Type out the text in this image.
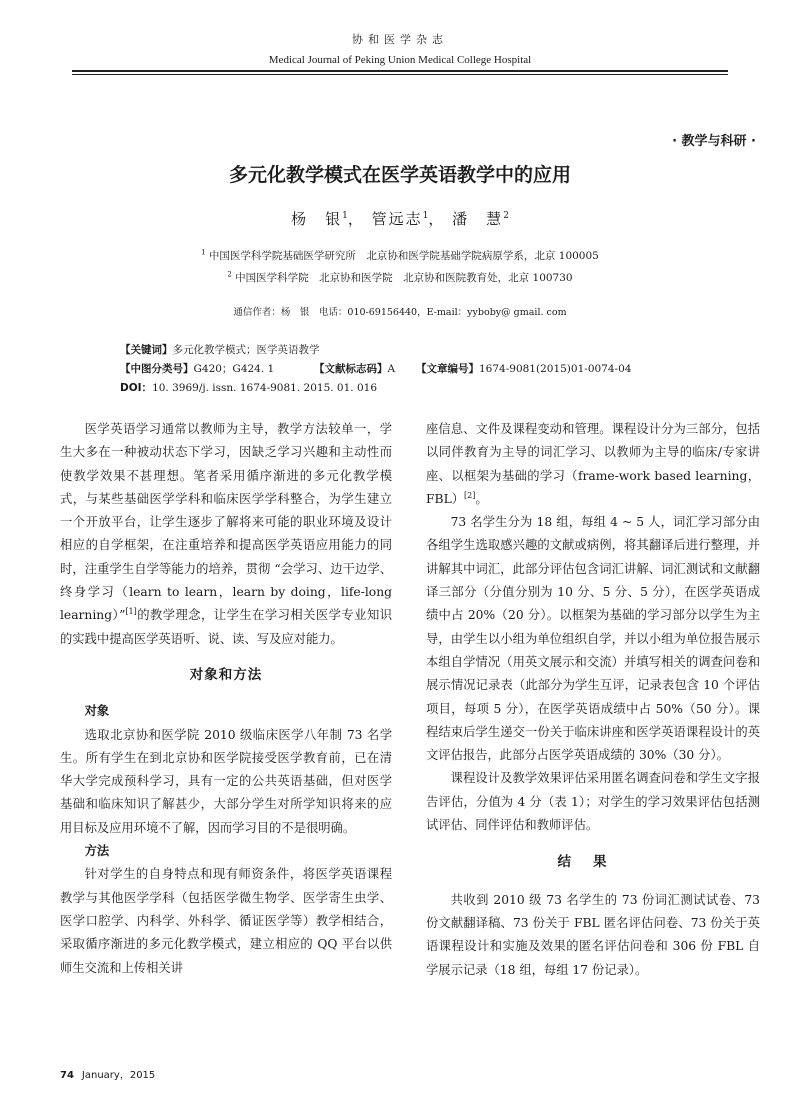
协和医学杂志
Medical Journal of Peking Union Medical College Hospital
· 教学与科研 ·
多元化教学模式在医学英语教学中的应用
杨　银$^1$， 管远志$^1$， 潘　慧$^2$
$^1$ 中国医学科学院基础医学研究所　北京协和医学院基础学院病原学系，北京 100005
$^2$ 中国医学科学院　北京协和医学院　北京协和医院教育处，北京 100730
通信作者：杨　银　电话：010-69156440，E-mail：yyboby@ gmail. com
【关键词】多元化教学模式；医学英语教学
【中图分类号】G420；G424. 1	【文献标志码】A 【文章编号】1674-9081(2015)01-0074-04
DOI：10. 3969/j. issn. 1674-9081. 2015. 01. 016

医学英语学习通常以教师为主导，教学方法较单一，学生大多在一种被动状态下学习，因缺乏学习兴趣和主动性而使教学效果不甚理想。笔者采用循序渐进的多元化教学模式，与某些基础医学学科和临床医学学科整合，为学生建立一个开放平台，让学生逐步了解将来可能的职业环境及设计相应的自学框架，在注重培养和提高医学英语应用能力的同时，注重学生自学等能力的培养，贯彻 “会学习、边干边学、终身学习（learn to learn，learn by doing，life-long learning）”[1]的教学理念，让学生在学习相关医学专业知识的实践中提高医学英语听、说、读、写及应对能力。

对象和方法
对象

选取北京协和医学院 2010 级临床医学八年制 73 名学生。所有学生在到北京协和医学院接受医学教育前，已在清华大学完成预科学习，具有一定的公共英语基础，但对医学基础和临床知识了解甚少，大部分学生对所学知识将来的应用目标及应用环境不了解，因而学习目的不是很明确。

方法

针对学生的自身特点和现有师资条件，将医学英语课程教学与其他医学学科（包括医学微生物学、医学寄生虫学、医学口腔学、内科学、外科学、循证医学等）教学相结合，采取循序渐进的多元化教学模式，建立相应的 QQ 平台以供师生交流和上传相关讲

座信息、文件及课程变动和管理。课程设计分为三部分，包括以同伴教育为主导的词汇学习、以教师为主导的临床/专家讲座、以框架为基础的学习（frame-work based learning，FBL）[2]。

73 名学生分为 18 组，每组 4 ~ 5 人，词汇学习部分由各组学生选取感兴趣的文献或病例，将其翻译后进行整理，并讲解其中词汇，此部分评估包含词汇讲解、词汇测试和文献翻译三部分（分值分别为 10 分、5 分、5 分），在医学英语成绩中占 20%（20 分）。以框架为基础的学习部分以学生为主导，由学生以小组为单位组织自学，并以小组为单位报告展示本组自学情况（用英文展示和交流）并填写相关的调查问卷和展示情况记录表（此部分为学生互评，记录表包含 10 个评估项目，每项 5 分），在医学英语成绩中占 50%（50 分）。课程结束后学生递交一份关于临床讲座和医学英语课程设计的英文评估报告，此部分占医学英语成绩的 30%（30 分）。

课程设计及教学效果评估采用匿名调查问卷和学生文字报告评估，分值为 4 分（表 1）；对学生的学习效果评估包括测试评估、同伴评估和教师评估。

结果

共收到 2010 级 73 名学生的 73 份词汇测试试卷、73 份文献翻译稿、73 份关于 FBL 匿名评估问卷、73 份关于英语课程设计和实施及效果的匿名评估问卷和 306 份 FBL 自学展示记录（18 组，每组 17 份记录）。

74 January，2015
